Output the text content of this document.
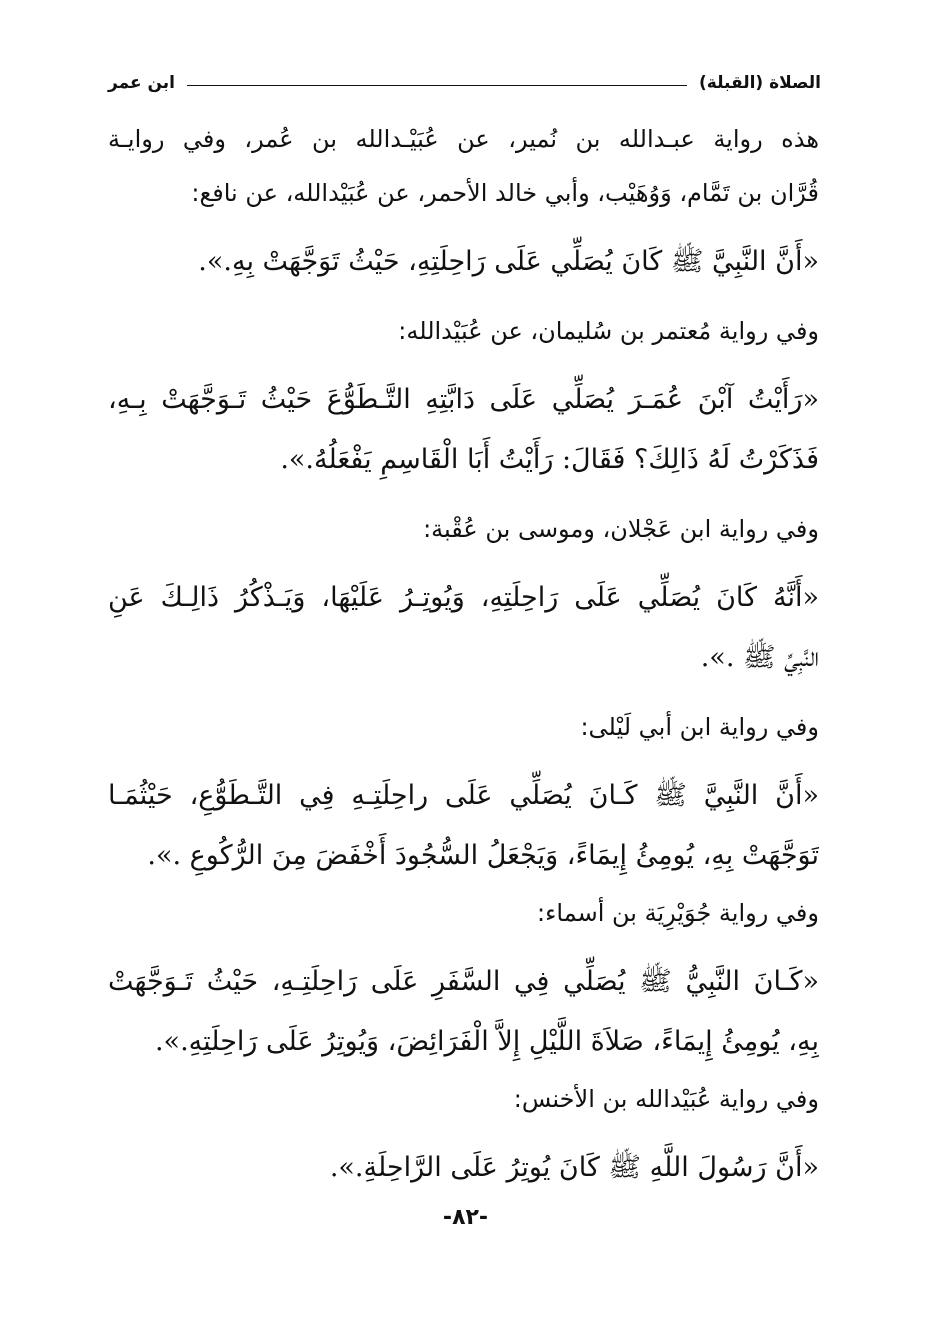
الصلاة (القبلة)
ابن عمر
هذه رواية عبـدالله بن نُمير، عن عُبَيْـدالله بن عُمر، وفي روايـة
قُرَّان بن تَمَّام، وَوُهَيْب، وأبي خالد الأحمر، عن عُبَيْدالله، عن نافع:
«أَنَّ النَّبِيَّ ﷺ كَانَ يُصَلِّي عَلَى رَاحِلَتِهِ، حَيْثُ تَوَجَّهَتْ بِهِ.».
وفي رواية مُعتمر بن سُليمان، عن عُبَيْدالله:
«رَأَيْتُ آبْنَ عُمَـرَ يُصَلِّي عَلَى دَابَّتِهِ التَّـطَوُّعَ حَيْثُ تَـوَجَّهَتْ بِـهِ،
فَذَكَرْتُ لَهُ ذَالِكَ؟ فَقَالَ: رَأَيْتُ أَبَا الْقَاسِمِ يَفْعَلُهُ.».
وفي رواية ابن عَجْلان، وموسى بن عُقْبة:
«أَنَّهُ كَانَ يُصَلِّي عَلَى رَاحِلَتِهِ، وَيُوتِـرُ عَلَيْهَا، وَيَـذْكُرُ ذَالِـكَ عَنِ
النَّبِيِّ ﷺ .».
وفي رواية ابن أبي لَيْلى:
«أَنَّ النَّبِيَّ ﷺ كَـانَ يُصَلِّي عَلَى راحِلَتِـهِ فِي التَّـطَوُّعِ، حَيْثُمَـا
تَوَجَّهَتْ بِهِ، يُومِئُ إِيمَاءً، وَيَجْعَلُ السُّجُودَ أَخْفَضَ مِنَ الرُّكُوعِ .».
وفي رواية جُوَيْرِيَة بن أسماء:
«كَـانَ النَّبِيُّ ﷺ يُصَلِّي فِي السَّفَرِ عَلَى رَاحِلَتِـهِ، حَيْثُ تَـوَجَّهَتْ
بِهِ، يُومِئُ إِيمَاءً، صَلاَةَ اللَّيْلِ إِلاَّ الْفَرَائِضَ، وَيُوتِرُ عَلَى رَاحِلَتِهِ.».
وفي رواية عُبَيْدالله بن الأخنس:
«أَنَّ رَسُولَ اللَّهِ ﷺ كَانَ يُوتِرُ عَلَى الرَّاحِلَةِ.».
-٨٢-
